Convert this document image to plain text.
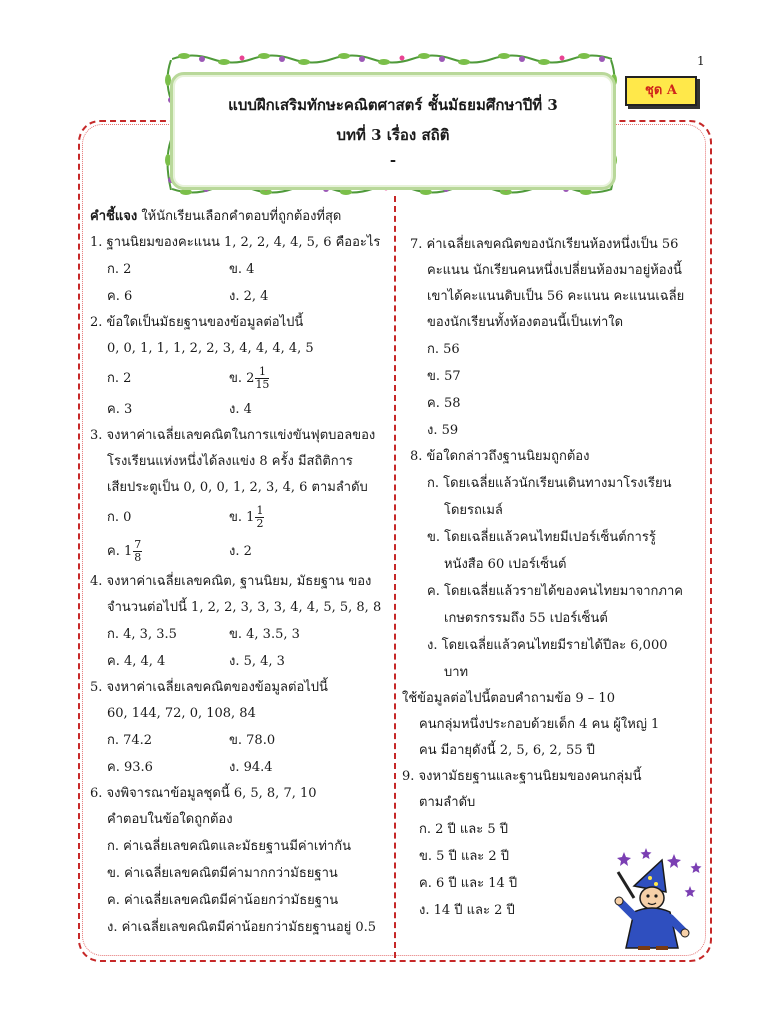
1
แบบฝึกเสริมทักษะคณิตศาสตร์ ชั้นมัธยมศึกษาปีที่ 3
บทที่ 3 เรื่อง สถิติ
-
ชุด A
คำชี้แจง ให้นักเรียนเลือกคำตอบที่ถูกต้องที่สุด
1. ฐานนิยมของคะแนน 1, 2, 2, 4, 4, 5, 6 คืออะไร
ก. 2	ข. 4
ค. 6	ง. 2, 4
2. ข้อใดเป็นมัธยฐานของข้อมูลต่อไปนี้
0, 0, 1, 1, 1, 2, 2, 3, 4, 4, 4, 4, 5
ก. 2	ข. $2 \frac{1}{15}$
ค. 3	ง. 4
3. จงหาค่าเฉลี่ยเลขคณิตในการแข่งขันฟุตบอลของ
โรงเรียนแห่งหนึ่งได้ลงแข่ง 8 ครั้ง มีสถิติการ
เสียประตูเป็น 0, 0, 0, 1, 2, 3, 4, 6 ตามลำดับ
ก. 0	ข. $1 \frac{1}{2}$
ค. $1 \frac{7}{8}$	ง. 2
4. จงหาค่าเฉลี่ยเลขคณิต, ฐานนิยม, มัธยฐาน ของ
จำนวนต่อไปนี้ 1, 2, 2, 3, 3, 3, 4, 4, 5, 5, 8, 8
ก. 4, 3, 3.5	ข. 4, 3.5, 3
ค. 4, 4, 4	ง. 5, 4, 3
5. จงหาค่าเฉลี่ยเลขคณิตของข้อมูลต่อไปนี้
60, 144, 72, 0, 108, 84
ก. 74.2	ข. 78.0
ค. 93.6	ง. 94.4
6. จงพิจารณาข้อมูลชุดนี้ 6, 5, 8, 7, 10
คำตอบในข้อใดถูกต้อง
ก. ค่าเฉลี่ยเลขคณิตและมัธยฐานมีค่าเท่ากัน
ข. ค่าเฉลี่ยเลขคณิตมีค่ามากกว่ามัธยฐาน
ค. ค่าเฉลี่ยเลขคณิตมีค่าน้อยกว่ามัธยฐาน
ง. ค่าเฉลี่ยเลขคณิตมีค่าน้อยกว่ามัธยฐานอยู่ 0.5
7. ค่าเฉลี่ยเลขคณิตของนักเรียนห้องหนึ่งเป็น 56
คะแนน นักเรียนคนหนึ่งเปลี่ยนห้องมาอยู่ห้องนี้
เขาได้คะแนนดิบเป็น 56 คะแนน คะแนนเฉลี่ย
ของนักเรียนทั้งห้องตอนนี้เป็นเท่าใด
ก. 56
ข. 57
ค. 58
ง. 59
8. ข้อใดกล่าวถึงฐานนิยมถูกต้อง
ก. โดยเฉลี่ยแล้วนักเรียนเดินทางมาโรงเรียน
โดยรถเมล์
ข. โดยเฉลี่ยแล้วคนไทยมีเปอร์เซ็นต์การรู้
หนังสือ 60 เปอร์เซ็นต์
ค. โดยเฉลี่ยแล้วรายได้ของคนไทยมาจากภาค
เกษตรกรรมถึง 55 เปอร์เซ็นต์
ง. โดยเฉลี่ยแล้วคนไทยมีรายได้ปีละ 6,000
บาท
ใช้ข้อมูลต่อไปนี้ตอบคำถามข้อ 9 – 10
คนกลุ่มหนึ่งประกอบด้วยเด็ก 4 คน ผู้ใหญ่ 1
คน มีอายุดังนี้ 2, 5, 6, 2, 55 ปี
9. จงหามัธยฐานและฐานนิยมของคนกลุ่มนี้
ตามลำดับ
ก. 2 ปี และ 5 ปี
ข. 5 ปี และ 2 ปี
ค. 6 ปี และ 14 ปี
ง. 14 ปี และ 2 ปี
